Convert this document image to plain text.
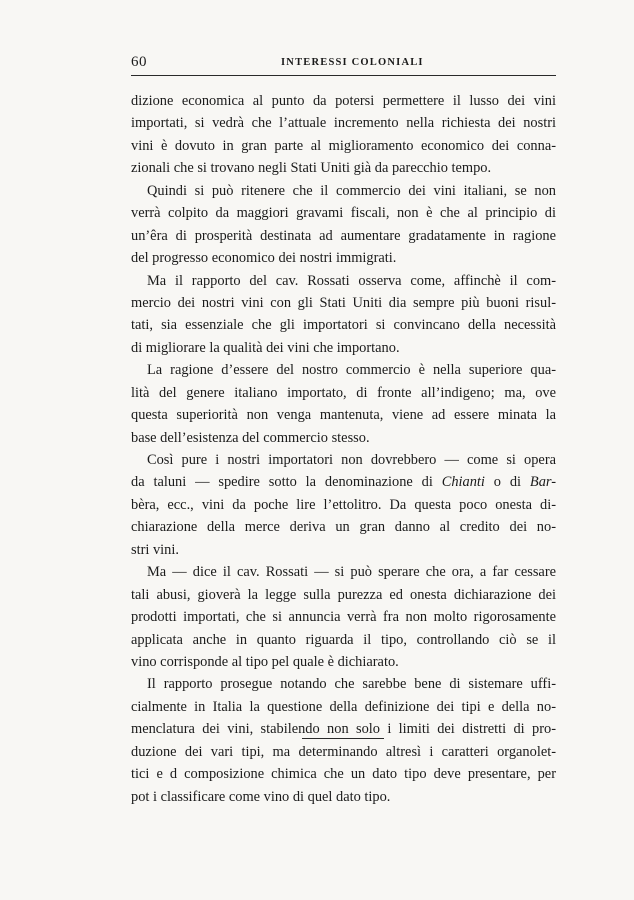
60	INTERESSI COLONIALI
dizione economica al punto da potersi permettere il lusso dei vini
importati, si vedrà che l’attuale incremento nella richiesta dei nostri
vini è dovuto in gran parte al miglioramento economico dei conna-
zionali che si trovano negli Stati Uniti già da parecchio tempo.
Quindi si può ritenere che il commercio dei vini italiani, se non
verrà colpito da maggiori gravami fiscali, non è che al principio di
un’êra di prosperità destinata ad aumentare gradatamente in ragione
del progresso economico dei nostri immigrati.
Ma il rapporto del cav. Rossati osserva come, affinchè il com-
mercio dei nostri vini con gli Stati Uniti dia sempre più buoni risul-
tati, sia essenziale che gli importatori si convincano della necessità
di migliorare la qualità dei vini che importano.
La ragione d’essere del nostro commercio è nella superiore qua-
lità del genere italiano importato, di fronte all’indigeno; ma, ove
questa superiorità non venga mantenuta, viene ad essere minata la
base dell’esistenza del commercio stesso.
Così pure i nostri importatori non dovrebbero — come si opera
da taluni — spedire sotto la denominazione di Chianti o di Bar-
bèra, ecc., vini da poche lire l’ettolitro. Da questa poco onesta di-
chiarazione della merce deriva un gran danno al credito dei no-
stri vini.
Ma — dice il cav. Rossati — si può sperare che ora, a far cessare
tali abusi, gioverà la legge sulla purezza ed onesta dichiarazione dei
prodotti importati, che si annuncia verrà fra non molto rigorosamente
applicata anche in quanto riguarda il tipo, controllando ciò se il
vino corrisponde al tipo pel quale è dichiarato.
Il rapporto prosegue notando che sarebbe bene di sistemare uffi-
cialmente in Italia la questione della definizione dei tipi e della no-
menclatura dei vini, stabilendo non solo i limiti dei distretti di pro-
duzione dei vari tipi, ma determinando altresì i caratteri organolet-
tici e d composizione chimica che un dato tipo deve presentare, per
pot i classificare come vino di quel dato tipo.
